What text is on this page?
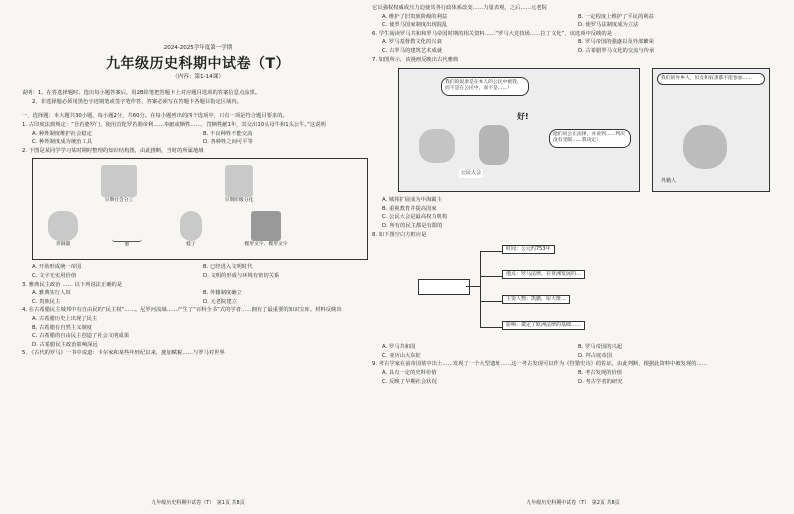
2024-2025学年度第一学期
九年级历史科期中试卷（T）
（内容：第1-14课）
说明：1、在答选择题时，选出每小题答案后，用2B铅笔把答题卡上对应题目选项的答案信息点涂黑。
2、非选择题必须用黑色字迹钢笔或签字笔作答，答案必须写在答题卡各题目指定区域内。
一、选择题：本大题共30小题，每小题2分，共60分。在每小题列出的四个选项中，只有一项是符合题目要求的。
1. 古印度法典规定：“吾若婆罗门，使用首陀罗若刹帝利……奉献或牺牲……，罚牺牲献1年，其交出10头母牛和1头公牛。”这说明
A. 种姓制度维护社会稳定	B. 不良种姓不能交流
C. 种姓制度成为统治工具	D. 各种姓之间可平等
2. 下图是某同学学习某时期时整理的知识结构图，由此推断，当时的所属地域
早期社会分工	早期阶级分化
青铜器	犁	蛙子	楔形文字、楔形文字
A. 开始形成统一帝国	B. 已经进入文明时代
C. 文字无实用价值	D. 文明的形成与环境有密切关系
3. 雅典民主政治 …… 以下列说法正确的是
A. 雅典实行人奴	B. 外籍制度确立
C. 贵族民主	D. 元老院建立
4. 在古希腊民主城邦中有自由民的“民主权”……。尼罗河流域……产生了“百科全书”式的学者……拥有了最重要的知识宝库。材料反映出
A. 古希腊历史上出现了民主
B. 古希腊有自然主义制度
C. 古希腊的自由民主创造了社会文明成果
D. 古希腊民主政治影响深远
5. 《古代的罗马》一书中说道：卡尔家和某些年轻纪以来，施加赋税……与罗马对世界
九年级历史科期中试卷（T）　第1页 共8页
它以强权权威或压力迫使其各行政体系改变……力量表观，之后……元老院
A. 维护了旧贵族阶级的利益	B. 一定程度上维护了平民的利益
C. 使罗马国家制度出现混乱	D. 使罗马法制度成为立法
6. 学生阅读罗马共和和罗马帝国时期的相关资料……“罗马大竞技场……拉丁文化”，该选项中反映的是
A. 罗马基督教文化的兴衰	B. 罗马帝国的强盛以及外部繁荣
C. 古罗马的建筑艺术成就	D. 古希腊罗马文化的交流与传承
7. 如图所示，该漫画反映出古代雅典
我们的奴隶是在本人的公民中被我，而不是在公民中，而不是……！
他们说公正法律，并说到……判决没有受限……我决定！
好!
公民大会
我们的外乡人，妇女和奴隶都不能参加……
外籍人
A. 城邦扩展成为中海霸主
B. 重视教育并提高国家
C. 公民大会是最高权力机构
D. 所有的民主都是有限的
8. 如下图空白方框应是
时间：公元约753年
地点：罗马法律，在亚洲发展的…
主要人物：凯撒，屋大维…
影响：奠定了欧洲法律的基础……
A. 罗马共和国	B. 罗马帝国的兴起
C. 亚历山大东征	D. 拜占庭帝国
9. 考古学家在前帝国墓中出土……发现了一个大型遗址……这一考古发现可以作为《狩猎史诗》的佐证，由此判断，根据此资料中被发现的……
A. 具有一定的史料价值	B. 考古发现的价值
C. 反映了早期社会状况	D. 考古学者的研究
九年级历史科期中试卷（T）　第2页 共8页
